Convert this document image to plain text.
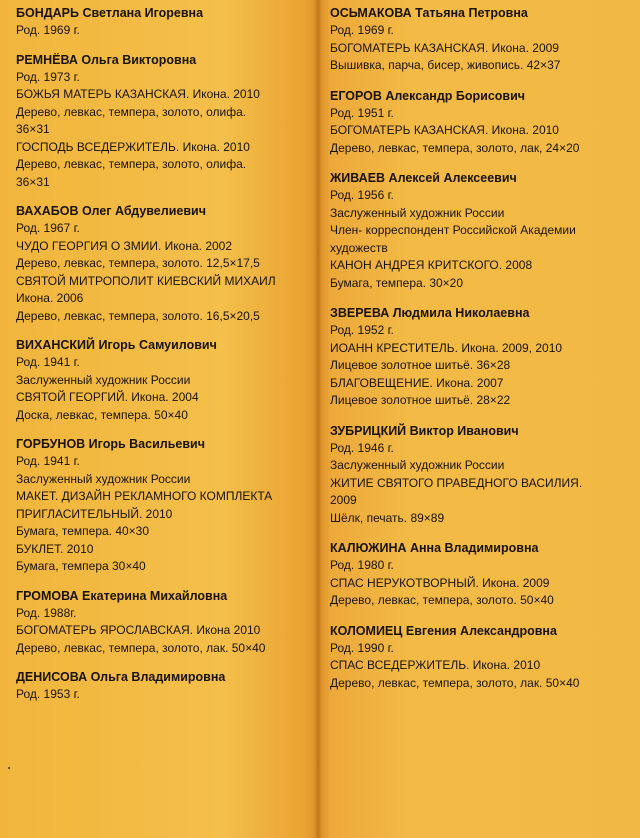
БОНДАРЬ Светлана Игоревна

Род. 1969 г.

РЕМНЁВА Ольга Викторовна

Род. 1973 г.

БОЖЬЯ МАТЕРЬ КАЗАНСКАЯ. Икона. 2010

Дерево, левкас, темпера, золото, олифа.

36×31

ГОСПОДЬ ВСЕДЕРЖИТЕЛЬ. Икона. 2010

Дерево, левкас, темпера, золото, олифа.

36×31

ВАХАБОВ Олег Абдувелиевич

Род. 1967 г.

ЧУДО ГЕОРГИЯ О ЗМИИ. Икона. 2002

Дерево, левкас, темпера, золото. 12,5×17,5

СВЯТОЙ МИТРОПОЛИТ КИЕВСКИЙ МИХАИЛ

Икона. 2006

Дерево, левкас, темпера, золото. 16,5×20,5

ВИХАНСКИЙ Игорь Самуилович

Род. 1941 г.

Заслуженный художник России

СВЯТОЙ ГЕОРГИЙ. Икона. 2004

Доска, левкас, темпера. 50×40

ГОРБУНОВ Игорь Васильевич

Род. 1941 г.

Заслуженный художник России

МАКЕТ. ДИЗАЙН РЕКЛАМНОГО КОМПЛЕКТА

ПРИГЛАСИТЕЛЬНЫЙ. 2010

Бумага, темпера. 40×30

БУКЛЕТ. 2010

Бумага, темпера 30×40

ГРОМОВА Екатерина Михайловна

Род. 1988г.

БОГОМАТЕРЬ ЯРОСЛАВСКАЯ. Икона 2010

Дерево, левкас, темпера, золото, лак. 50×40

ДЕНИСОВА Ольга Владимировна

Род. 1953 г.

ОСЬМАКОВА Татьяна Петровна

Род. 1969 г.

БОГОМАТЕРЬ КАЗАНСКАЯ. Икона. 2009

Вышивка, парча, бисер, живопись. 42×37

ЕГОРОВ Александр Борисович

Род. 1951 г.

БОГОМАТЕРЬ КАЗАНСКАЯ. Икона. 2010

Дерево, левкас, темпера, золото, лак, 24×20

ЖИВАЕВ Алексей Алексеевич

Род. 1956 г.

Заслуженный художник России

Член- корреспондент Российской Академии

художеств

КАНОН АНДРЕЯ КРИТСКОГО. 2008

Бумага, темпера. 30×20

ЗВЕРЕВА Людмила Николаевна

Род. 1952 г.

ИОАНН КРЕСТИТЕЛЬ. Икона. 2009, 2010

Лицевое золотное шитьё. 36×28

БЛАГОВЕЩЕНИЕ. Икона. 2007

Лицевое золотное шитьё. 28×22

ЗУБРИЦКИЙ Виктор Иванович

Род. 1946 г.

Заслуженный художник России

ЖИТИЕ СВЯТОГО ПРАВЕДНОГО ВАСИЛИЯ.

2009

Шёлк, печать. 89×89

КАЛЮЖИНА Анна Владимировна

Род. 1980 г.

СПАС НЕРУКОТВОРНЫЙ. Икона. 2009

Дерево, левкас, темпера, золото. 50×40

КОЛОМИЕЦ Евгения Александровна

Род. 1990 г.

СПАС ВСЕДЕРЖИТЕЛЬ. Икона. 2010

Дерево, левкас, темпера, золото, лак. 50×40
